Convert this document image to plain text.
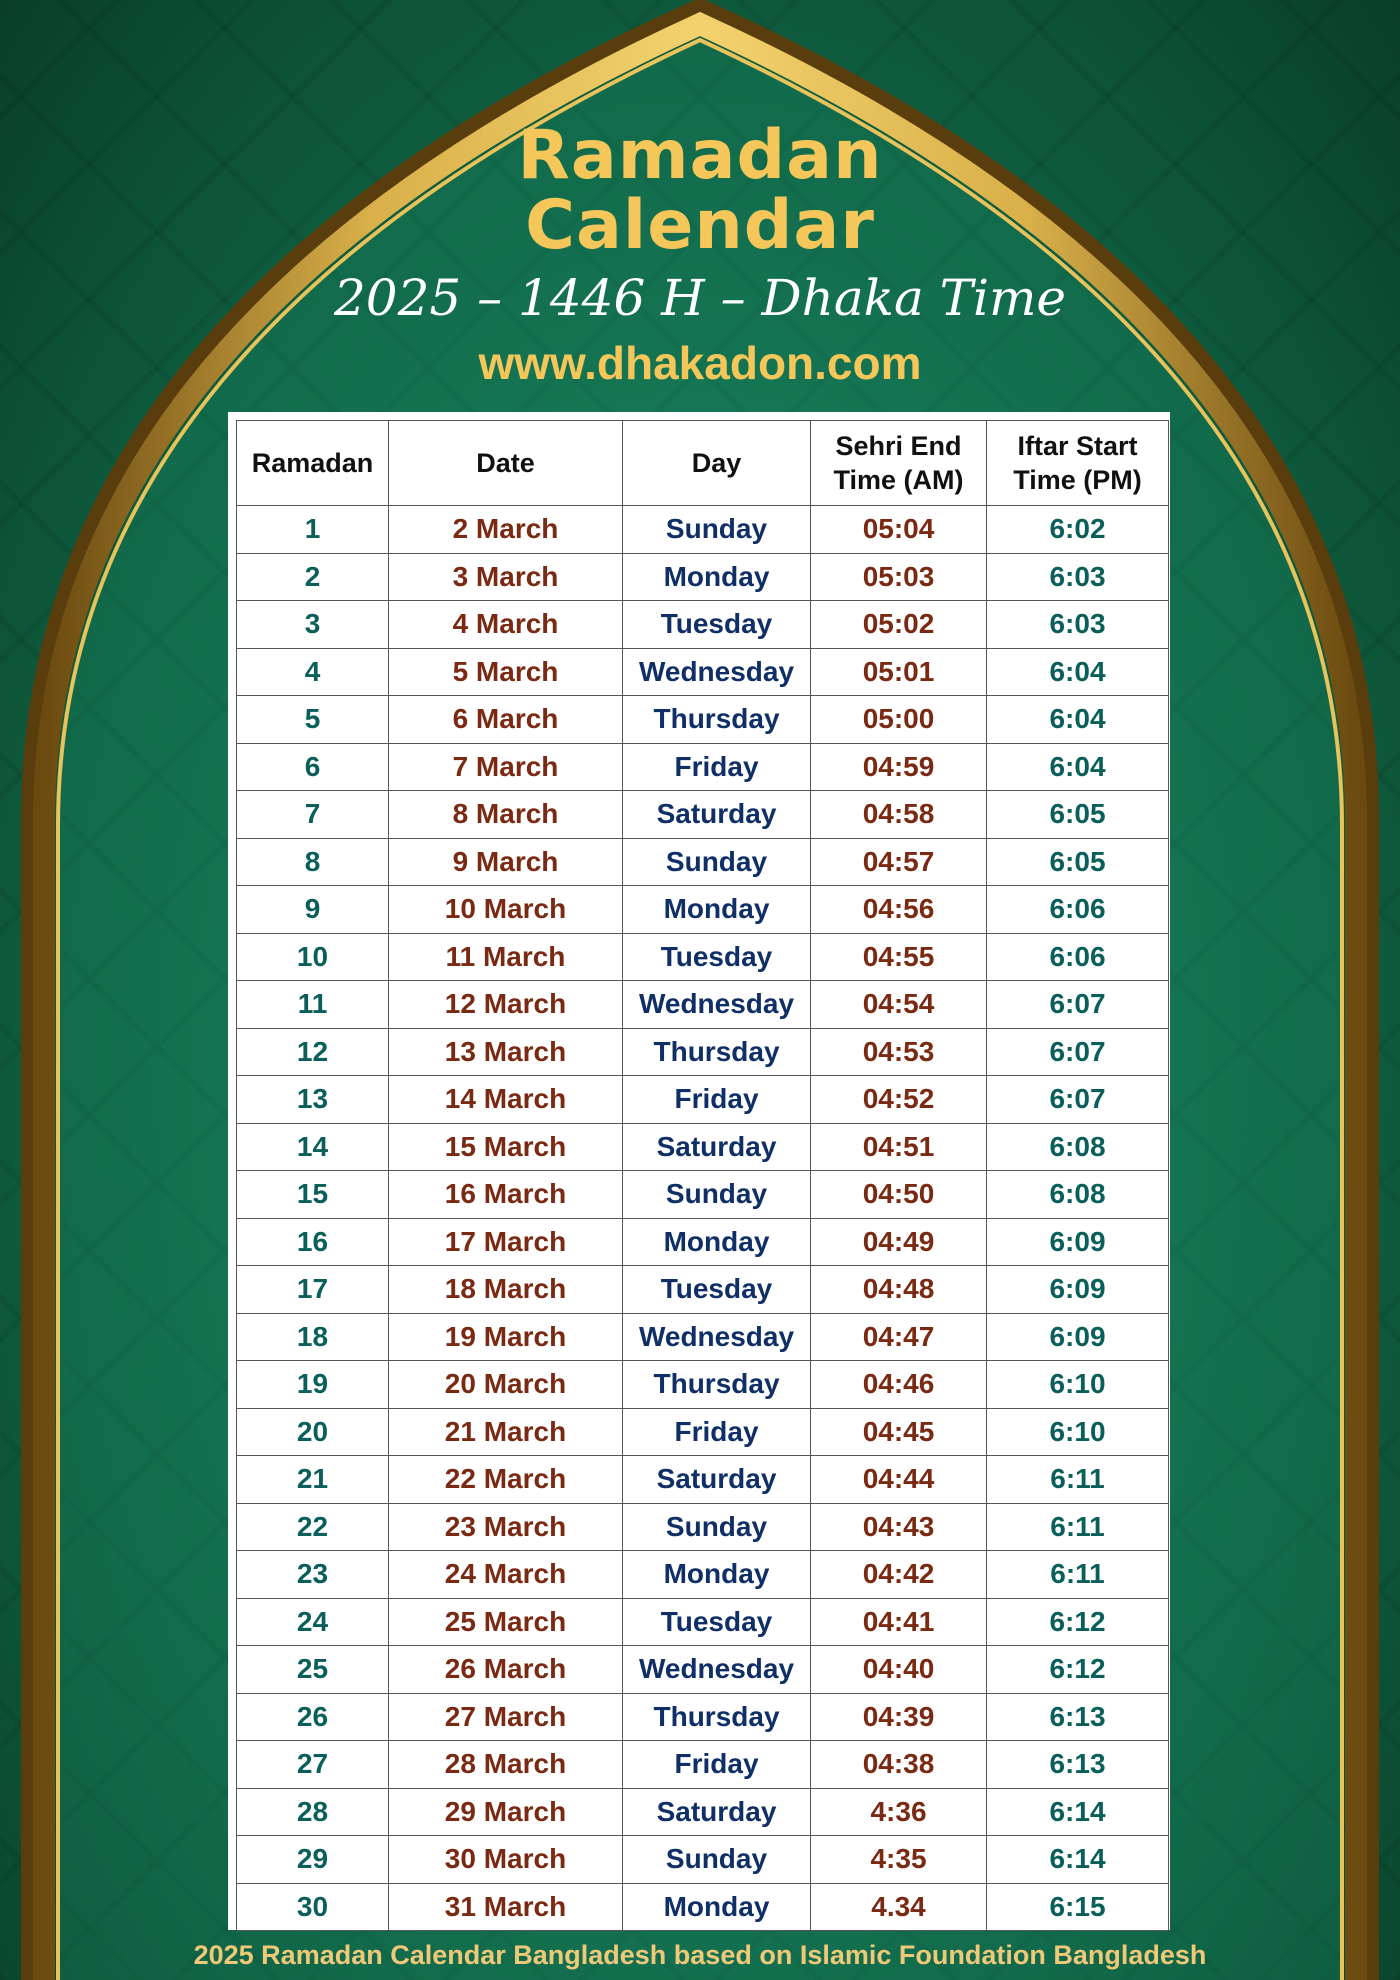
Ramadan
Calendar
2025 – 1446 H – Dhaka Time
www.dhakadon.com
Ramadan	Date	Day	Sehri End Time (AM)	Iftar Start Time (PM)
1	2 March	Sunday	05:04	6:02
2	3 March	Monday	05:03	6:03
3	4 March	Tuesday	05:02	6:03
4	5 March	Wednesday	05:01	6:04
5	6 March	Thursday	05:00	6:04
6	7 March	Friday	04:59	6:04
7	8 March	Saturday	04:58	6:05
8	9 March	Sunday	04:57	6:05
9	10 March	Monday	04:56	6:06
10	11 March	Tuesday	04:55	6:06
11	12 March	Wednesday	04:54	6:07
12	13 March	Thursday	04:53	6:07
13	14 March	Friday	04:52	6:07
14	15 March	Saturday	04:51	6:08
15	16 March	Sunday	04:50	6:08
16	17 March	Monday	04:49	6:09
17	18 March	Tuesday	04:48	6:09
18	19 March	Wednesday	04:47	6:09
19	20 March	Thursday	04:46	6:10
20	21 March	Friday	04:45	6:10
21	22 March	Saturday	04:44	6:11
22	23 March	Sunday	04:43	6:11
23	24 March	Monday	04:42	6:11
24	25 March	Tuesday	04:41	6:12
25	26 March	Wednesday	04:40	6:12
26	27 March	Thursday	04:39	6:13
27	28 March	Friday	04:38	6:13
28	29 March	Saturday	4:36	6:14
29	30 March	Sunday	4:35	6:14
30	31 March	Monday	4.34	6:15
2025 Ramadan Calendar Bangladesh based on Islamic Foundation Bangladesh
